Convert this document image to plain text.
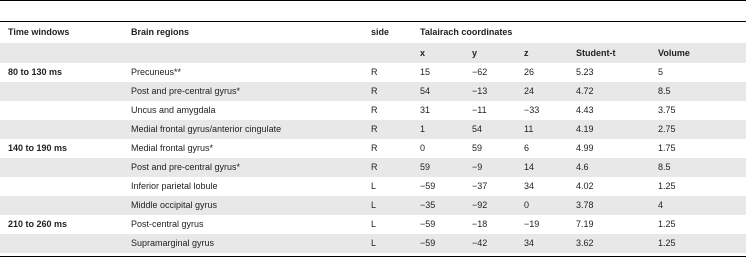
Time windows	Brain regions	side	Talairach coordinates				
			x	y	z	Student-t	Volume
80 to 130 ms	Precuneus**	R	15	−62	26	5.23	5
	Post and pre-central gyrus*	R	54	−13	24	4.72	8.5
	Uncus and amygdala	R	31	−11	−33	4.43	3.75
	Medial frontal gyrus/anterior cingulate	R	1	54	11	4.19	2.75
140 to 190 ms	Medial frontal gyrus*	R	0	59	6	4.99	1.75
	Post and pre-central gyrus*	R	59	−9	14	4.6	8.5
	Inferior parietal lobule	L	−59	−37	34	4.02	1.25
	Middle occipital gyrus	L	−35	−92	0	3.78	4
210 to 260 ms	Post-central gyrus	L	−59	−18	−19	7.19	1.25
	Supramarginal gyrus	L	−59	−42	34	3.62	1.25
